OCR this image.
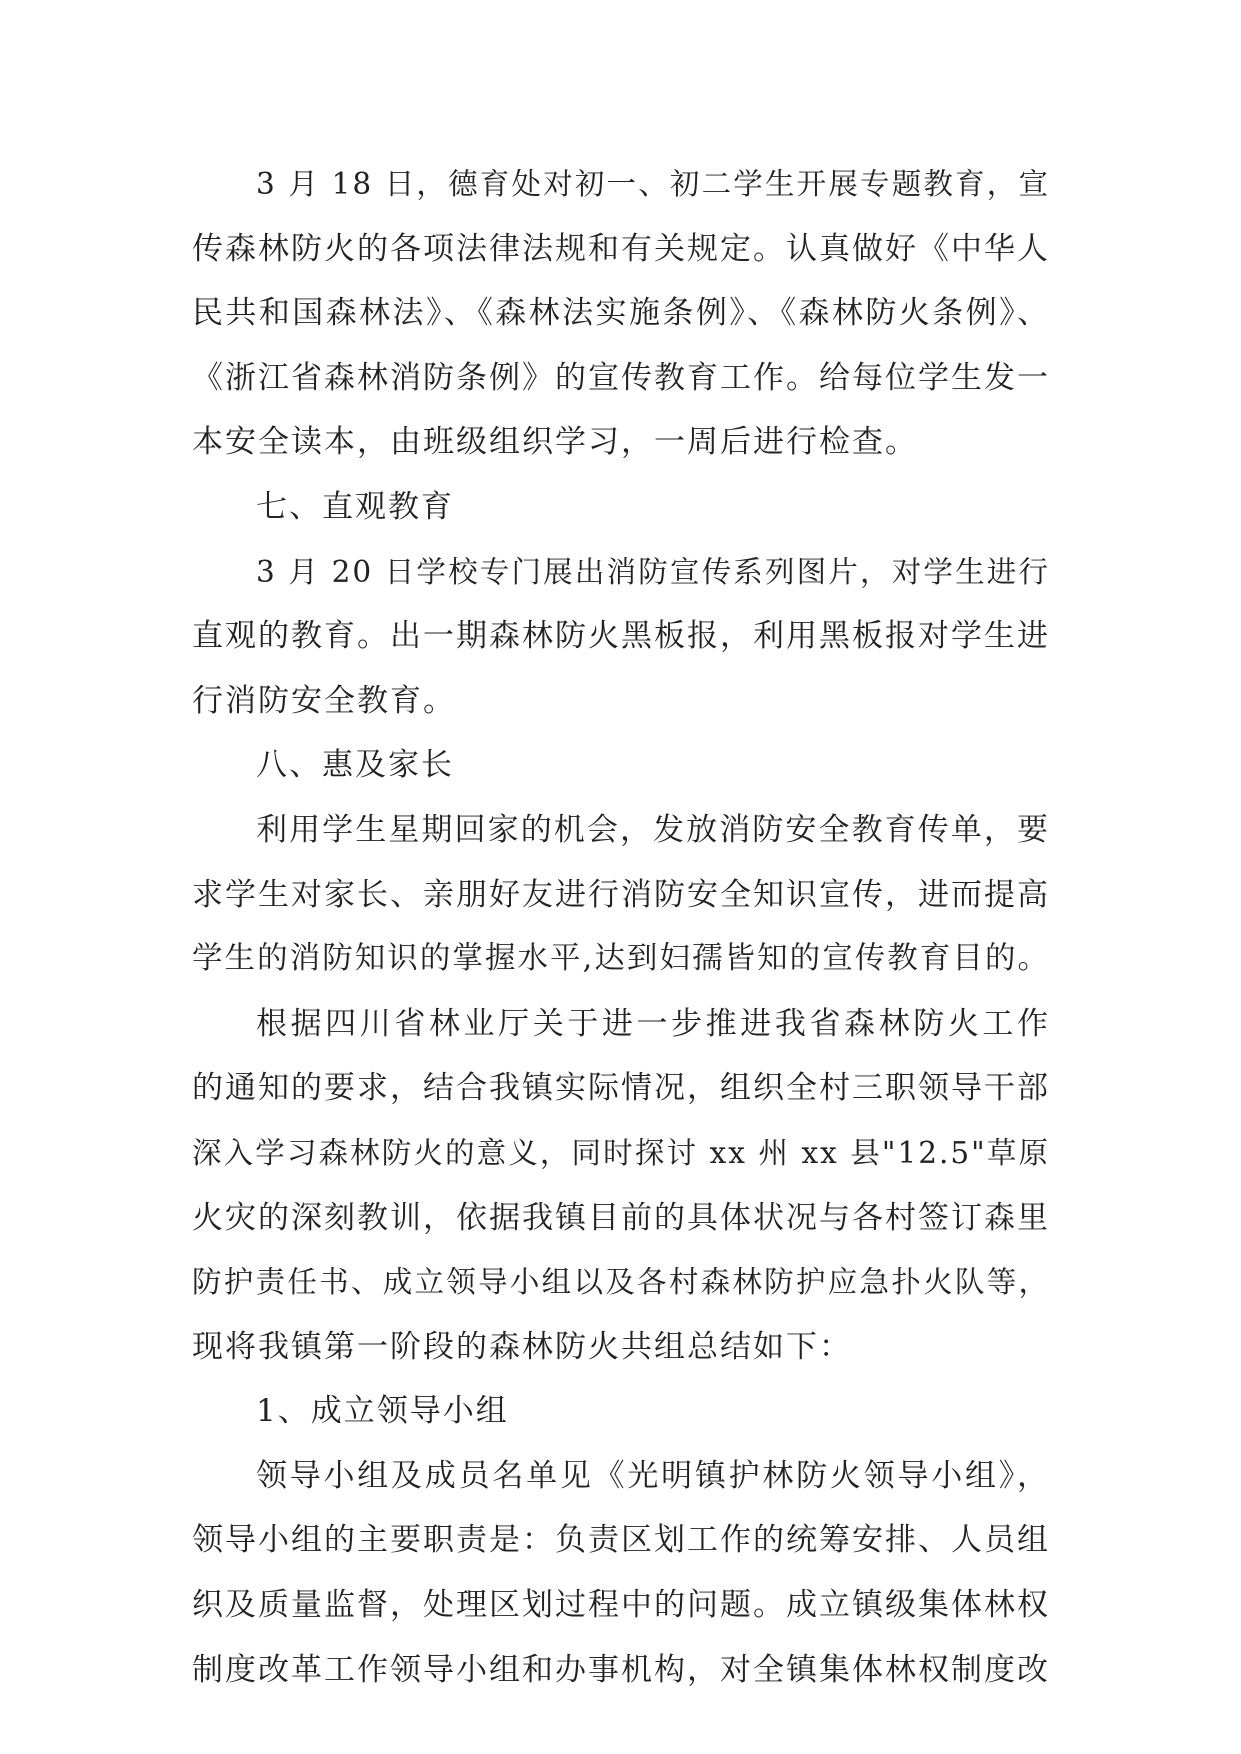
3 月 18 日，德育处对初一、初二学生开展专题教育，宣
传森林防火的各项法律法规和有关规定。认真做好《中华人
民共和国森林法》、《森林法实施条例》、《森林防火条例》、
《浙江省森林消防条例》的宣传教育工作。给每位学生发一
本安全读本，由班级组织学习，一周后进行检查。
七、直观教育
3 月 20 日学校专门展出消防宣传系列图片，对学生进行
直观的教育。出一期森林防火黑板报，利用黑板报对学生进
行消防安全教育。
八、惠及家长
利用学生星期回家的机会，发放消防安全教育传单，要
求学生对家长、亲朋好友进行消防安全知识宣传，进而提高
学生的消防知识的掌握水平,达到妇孺皆知的宣传教育目的。
根据四川省林业厅关于进一步推进我省森林防火工作
的通知的要求，结合我镇实际情况，组织全村三职领导干部
深入学习森林防火的意义，同时探讨 xx 州 xx 县"12.5"草原
火灾的深刻教训，依据我镇目前的具体状况与各村签订森里
防护责任书、成立领导小组以及各村森林防护应急扑火队等，
现将我镇第一阶段的森林防火共组总结如下：
1、成立领导小组
领导小组及成员名单见《光明镇护林防火领导小组》，
领导小组的主要职责是：负责区划工作的统筹安排、人员组
织及质量监督，处理区划过程中的问题。成立镇级集体林权
制度改革工作领导小组和办事机构，对全镇集体林权制度改
